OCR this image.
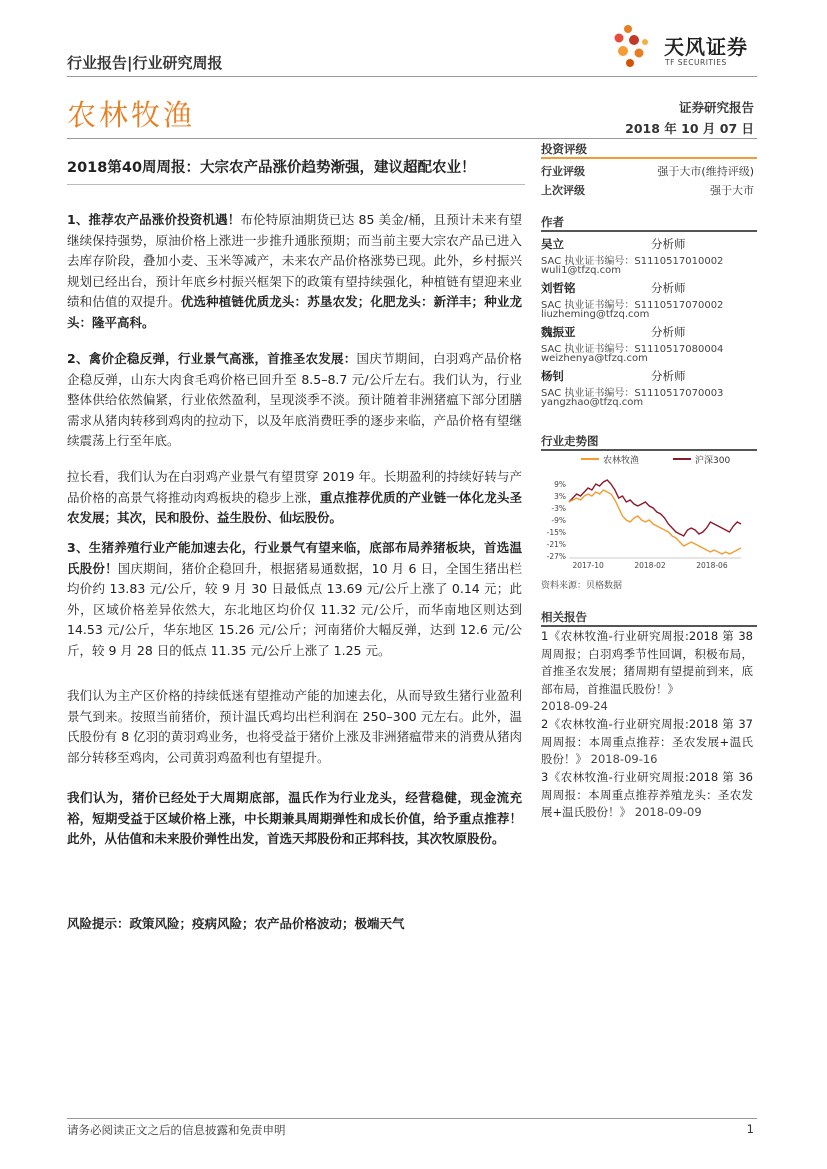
行业报告|行业研究周报
天风证券
TF SECURITIES
农林牧渔	证券研究报告
2018 年 10 月 07 日
2018第40周周报：大宗农产品涨价趋势渐强，建议超配农业！
投资评级
行业评级	强于大市(维持评级)
上次评级	强于大市
作者
吴立	分析师
SAC 执业证书编号：S1110517010002
wuli1@tfzq.com
刘哲铭	分析师
SAC 执业证书编号：S1110517070002
liuzheming@tfzq.com
魏振亚	分析师
SAC 执业证书编号：S1110517080004
weizhenya@tfzq.com
杨钊	分析师
SAC 执业证书编号：S1110517070003
yangzhao@tfzq.com
行业走势图
农林牧渔	沪深300
9%
3%
-3%
-9%
-15%
-21%
-27%
2017-10	2018-02	2018-06
资料来源：贝格数据
相关报告
1《农林牧渔-行业研究周报:2018 第 38 周周报；白羽鸡季节性回调，积极布局，首推圣农发展；猪周期有望提前到来，底部布局，首推温氏股份！》
2018-09-24
2《农林牧渔-行业研究周报:2018 第 37 周周报：本周重点推荐：圣农发展+温氏股份！》 2018-09-16
3《农林牧渔-行业研究周报:2018 第 36 周周报：本周重点推荐养殖龙头：圣农发展+温氏股份！》 2018-09-09
1、推荐农产品涨价投资机遇！布伦特原油期货已达 85 美金/桶，且预计未来有望继续保持强势，原油价格上涨进一步推升通胀预期；而当前主要大宗农产品已进入去库存阶段，叠加小麦、玉米等减产，未来农产品价格涨势已现。此外，乡村振兴规划已经出台，预计年底乡村振兴框架下的政策有望持续强化，种植链有望迎来业绩和估值的双提升。优选种植链优质龙头：苏垦农发；化肥龙头：新洋丰；种业龙头：隆平高科。
2、禽价企稳反弹，行业景气高涨，首推圣农发展：国庆节期间，白羽鸡产品价格企稳反弹，山东大肉食毛鸡价格已回升至 8.5–8.7 元/公斤左右。我们认为，行业整体供给依然偏紧，行业依然盈利，呈现淡季不淡。预计随着非洲猪瘟下部分团膳需求从猪肉转移到鸡肉的拉动下，以及年底消费旺季的逐步来临，产品价格有望继续震荡上行至年底。
拉长看，我们认为在白羽鸡产业景气有望贯穿 2019 年。长期盈利的持续好转与产品价格的高景气将推动肉鸡板块的稳步上涨，重点推荐优质的产业链一体化龙头圣农发展；其次，民和股份、益生股份、仙坛股份。
3、生猪养殖行业产能加速去化，行业景气有望来临，底部布局养猪板块，首选温氏股份！国庆期间，猪价企稳回升，根据猪易通数据，10 月 6 日，全国生猪出栏均价约 13.83 元/公斤，较 9 月 30 日最低点 13.69 元/公斤上涨了 0.14 元；此外，区域价格差异依然大，东北地区均价仅 11.32 元/公斤，而华南地区则达到 14.53 元/公斤，华东地区 15.26 元/公斤；河南猪价大幅反弹，达到 12.6 元/公斤，较 9 月 28 日的低点 11.35 元/公斤上涨了 1.25 元。
我们认为主产区价格的持续低迷有望推动产能的加速去化，从而导致生猪行业盈利景气到来。按照当前猪价，预计温氏鸡均出栏利润在 250–300 元左右。此外，温氏股份有 8 亿羽的黄羽鸡业务，也将受益于猪价上涨及非洲猪瘟带来的消费从猪肉部分转移至鸡肉，公司黄羽鸡盈利也有望提升。
我们认为，猪价已经处于大周期底部，温氏作为行业龙头，经营稳健，现金流充裕，短期受益于区域价格上涨，中长期兼具周期弹性和成长价值，给予重点推荐！此外，从估值和未来股价弹性出发，首选天邦股份和正邦科技，其次牧原股份。
风险提示：政策风险；疫病风险；农产品价格波动；极端天气
请务必阅读正文之后的信息披露和免责申明	1
